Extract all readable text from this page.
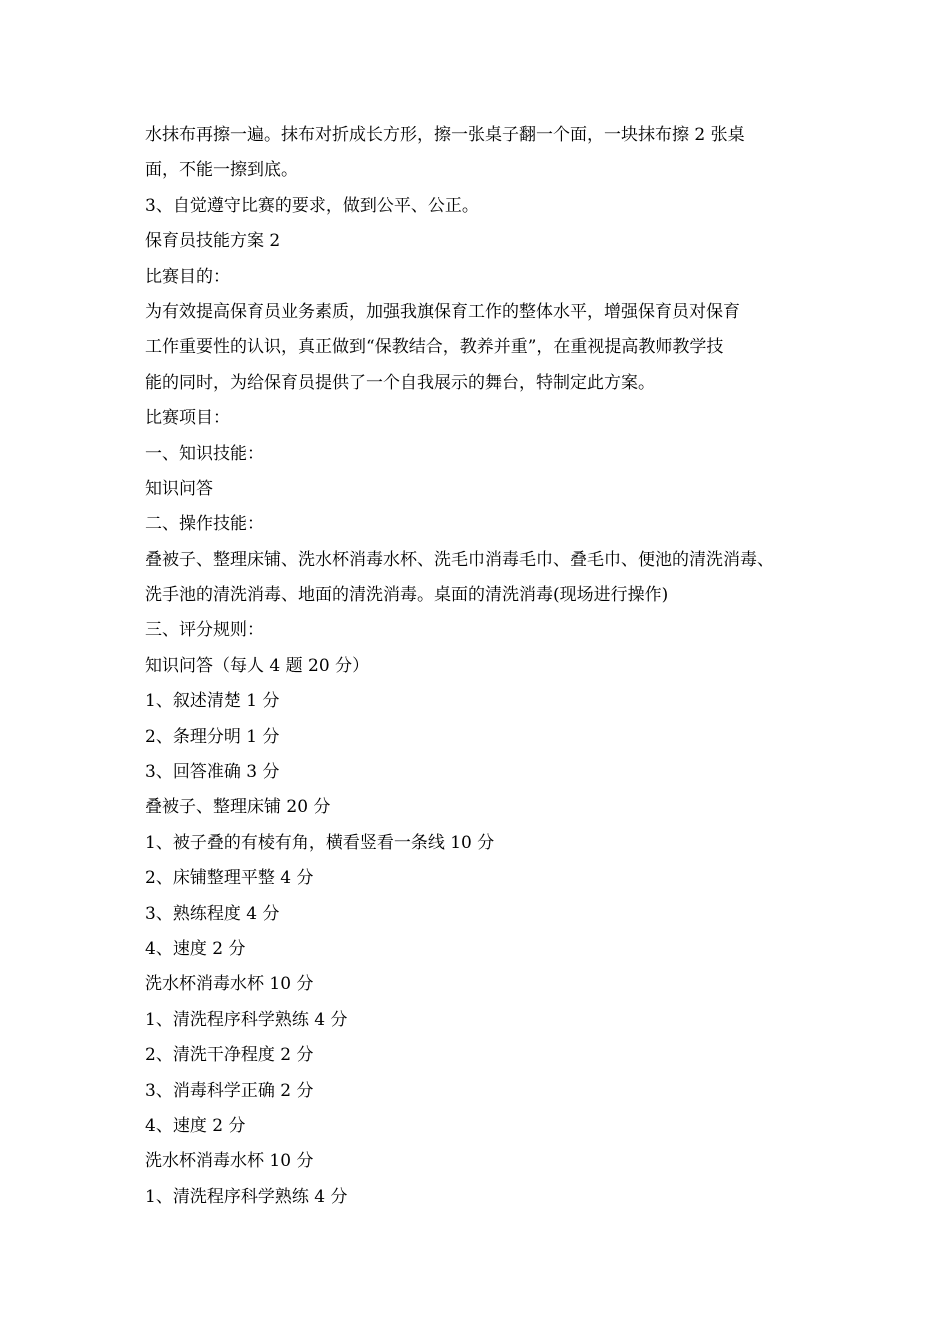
水抹布再擦一遍。抹布对折成长方形，擦一张桌子翻一个面，一块抹布擦 2 张桌
面，不能一擦到底。
3、自觉遵守比赛的要求，做到公平、公正。
保育员技能方案 2
比赛目的：
为有效提高保育员业务素质，加强我旗保育工作的整体水平，增强保育员对保育
工作重要性的认识，真正做到“保教结合，教养并重”，在重视提高教师教学技
能的同时，为给保育员提供了一个自我展示的舞台，特制定此方案。
比赛项目：
一、知识技能：
知识问答
二、操作技能：
叠被子、整理床铺、洗水杯消毒水杯、洗毛巾消毒毛巾、叠毛巾、便池的清洗消毒、
洗手池的清洗消毒、地面的清洗消毒。桌面的清洗消毒(现场进行操作)
三、评分规则：
知识问答（每人 4 题 20 分）
1、叙述清楚 1 分
2、条理分明 1 分
3、回答准确 3 分
叠被子、整理床铺 20 分
1、被子叠的有棱有角，横看竖看一条线 10 分
2、床铺整理平整 4 分
3、熟练程度 4 分
4、速度 2 分
洗水杯消毒水杯 10 分
1、清洗程序科学熟练 4 分
2、清洗干净程度 2 分
3、消毒科学正确 2 分
4、速度 2 分
洗水杯消毒水杯 10 分
1、清洗程序科学熟练 4 分
